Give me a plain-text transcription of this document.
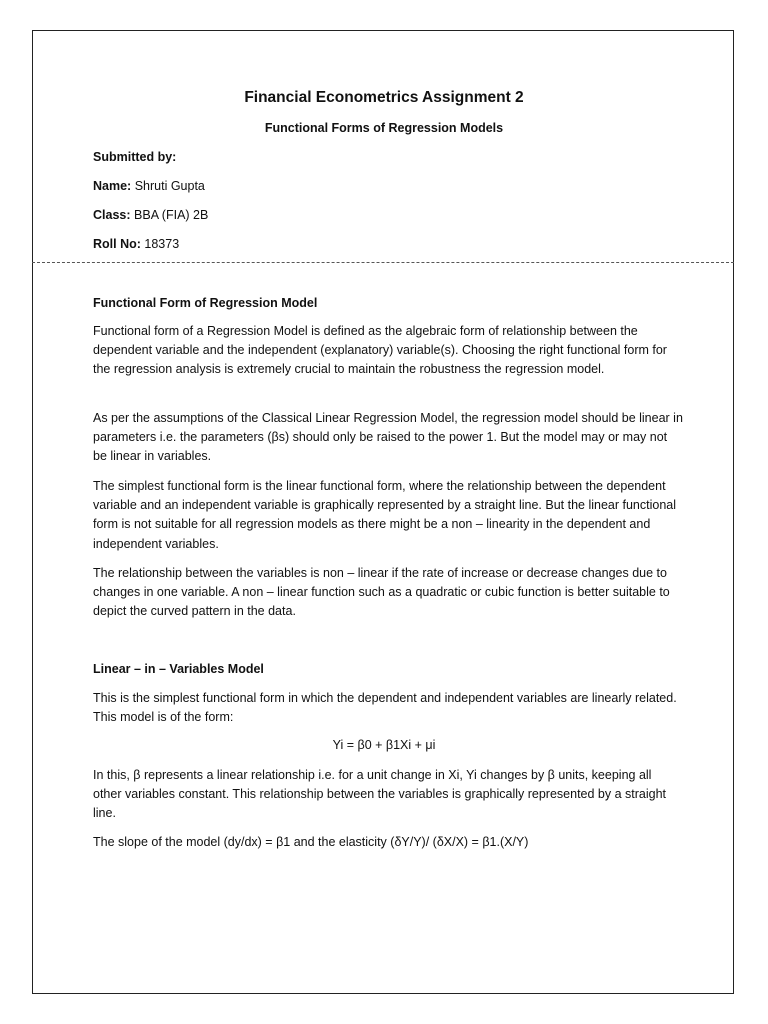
Financial Econometrics Assignment 2
Functional Forms of Regression Models
Submitted by:
Name: Shruti Gupta
Class: BBA (FIA) 2B
Roll No: 18373
Functional Form of Regression Model
Functional form of a Regression Model is defined as the algebraic form of relationship between the dependent variable and the independent (explanatory) variable(s). Choosing the right functional form for the regression analysis is extremely crucial to maintain the robustness the regression model.
As per the assumptions of the Classical Linear Regression Model, the regression model should be linear in parameters i.e. the parameters (βs) should only be raised to the power 1. But the model may or may not be linear in variables.
The simplest functional form is the linear functional form, where the relationship between the dependent variable and an independent variable is graphically represented by a straight line. But the linear functional form is not suitable for all regression models as there might be a non – linearity in the dependent and independent variables.
The relationship between the variables is non – linear if the rate of increase or decrease changes due to changes in one variable. A non – linear function such as a quadratic or cubic function is better suitable to depict the curved pattern in the data.
Linear – in – Variables Model
This is the simplest functional form in which the dependent and independent variables are linearly related. This model is of the form:
Yi = β0 + β1Xi + μi
In this, β represents a linear relationship i.e. for a unit change in Xi, Yi changes by β units, keeping all other variables constant. This relationship between the variables is graphically represented by a straight line.
The slope of the model (dy/dx) = β1 and the elasticity (δY/Y)/ (δX/X) = β1.(X/Y)
